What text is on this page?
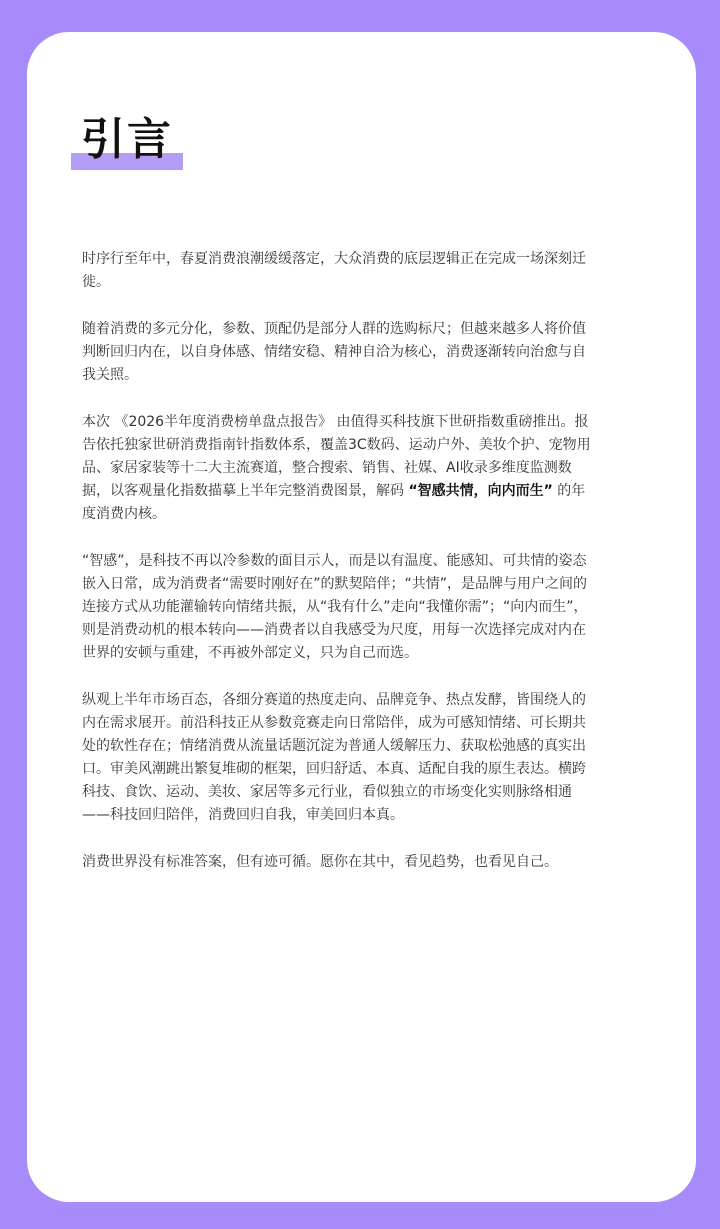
引言

时序行至年中，春夏消费浪潮缓缓落定，大众消费的底层逻辑正在完成一场深刻迁徙。

随着消费的多元分化，参数、顶配仍是部分人群的选购标尺；但越来越多人将价值判断回归内在，以自身体感、情绪安稳、精神自洽为核心，消费逐渐转向治愈与自我关照。

本次 《2026半年度消费榜单盘点报告》 由值得买科技旗下世研指数重磅推出。报告依托独家世研消费指南针指数体系，覆盖3C数码、运动户外、美妆个护、宠物用品、家居家装等十二大主流赛道，整合搜索、销售、社媒、AI收录多维度监测数据，以客观量化指数描摹上半年完整消费图景，解码 “智感共情，向内而生” 的年度消费内核。

“智感”，是科技不再以冷参数的面目示人，而是以有温度、能感知、可共情的姿态嵌入日常，成为消费者“需要时刚好在”的默契陪伴；“共情”，是品牌与用户之间的连接方式从功能灌输转向情绪共振，从“我有什么”走向“我懂你需”；“向内而生”，则是消费动机的根本转向——消费者以自我感受为尺度，用每一次选择完成对内在世界的安顿与重建，不再被外部定义，只为自己而选。

纵观上半年市场百态，各细分赛道的热度走向、品牌竞争、热点发酵，皆围绕人的内在需求展开。前沿科技正从参数竞赛走向日常陪伴，成为可感知情绪、可长期共处的软性存在；情绪消费从流量话题沉淀为普通人缓解压力、获取松弛感的真实出口。审美风潮跳出繁复堆砌的框架，回归舒适、本真、适配自我的原生表达。横跨科技、食饮、运动、美妆、家居等多元行业，看似独立的市场变化实则脉络相通——科技回归陪伴，消费回归自我，审美回归本真。

消费世界没有标准答案，但有迹可循。愿你在其中，看见趋势，也看见自己。
